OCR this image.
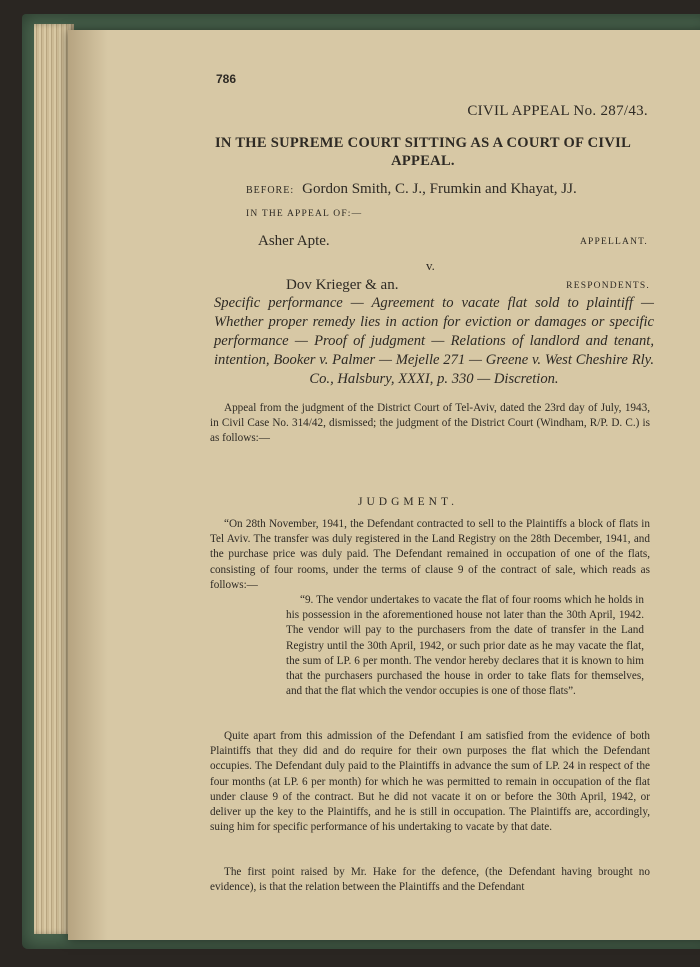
786
CIVIL APPEAL No. 287/43.
IN THE SUPREME COURT SITTING AS A COURT OF CIVIL APPEAL.
BEFORE: Gordon Smith, C. J., Frumkin and Khayat, JJ.
IN THE APPEAL OF:—
Asher Apte.	APPELLANT.
v.
Dov Krieger & an.	RESPONDENTS.
Specific performance — Agreement to vacate flat sold to plaintiff — Whether proper remedy lies in action for eviction or damages or specific performance — Proof of judgment — Relations of landlord and tenant, intention, Booker v. Palmer — Mejelle 271 — Greene v. West Cheshire Rly. Co., Halsbury, XXXI, p. 330 — Discretion.
Appeal from the judgment of the District Court of Tel-Aviv, dated the 23rd day of July, 1943, in Civil Case No. 314/42, dismissed; the judgment of the District Court (Windham, R/P. D. C.) is as follows:—
JUDGMENT.
“On 28th November, 1941, the Defendant contracted to sell to the Plaintiffs a block of flats in Tel Aviv. The transfer was duly registered in the Land Registry on the 28th December, 1941, and the purchase price was duly paid. The Defendant remained in occupation of one of the flats, consisting of four rooms, under the terms of clause 9 of the contract of sale, which reads as follows:—
“9. The vendor undertakes to vacate the flat of four rooms which he holds in his possession in the aforementioned house not later than the 30th April, 1942. The vendor will pay to the purchasers from the date of transfer in the Land Registry until the 30th April, 1942, or such prior date as he may vacate the flat, the sum of LP. 6 per month. The vendor hereby declares that it is known to him that the purchasers purchased the house in order to take flats for themselves, and that the flat which the vendor occupies is one of those flats”.
Quite apart from this admission of the Defendant I am satisfied from the evidence of both Plaintiffs that they did and do require for their own purposes the flat which the Defendant occupies. The Defendant duly paid to the Plaintiffs in advance the sum of LP. 24 in respect of the four months (at LP. 6 per month) for which he was permitted to remain in occupation of the flat under clause 9 of the contract. But he did not vacate it on or before the 30th April, 1942, or deliver up the key to the Plaintiffs, and he is still in occupation. The Plaintiffs are, accordingly, suing him for specific performance of his undertaking to vacate by that date.
The first point raised by Mr. Hake for the defence, (the Defendant having brought no evidence), is that the relation between the Plaintiffs and the Defendant
